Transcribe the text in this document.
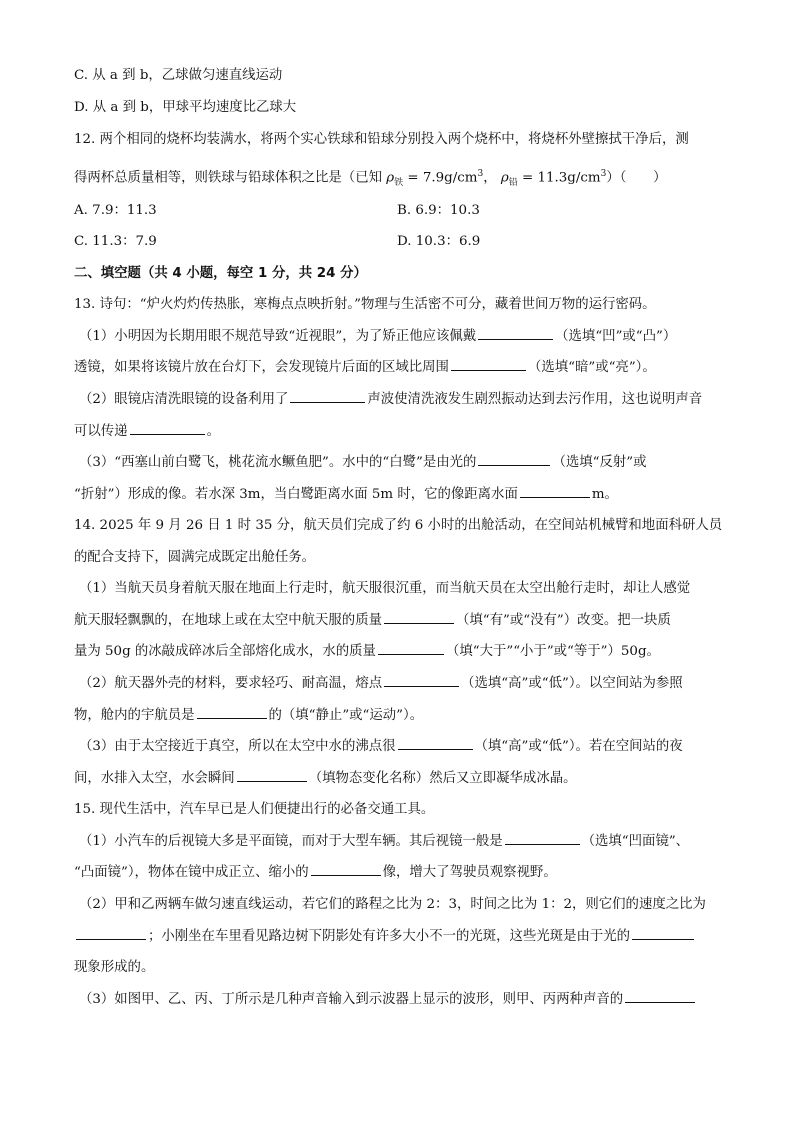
C. 从 a 到 b，乙球做匀速直线运动
D. 从 a 到 b，甲球平均速度比乙球大
12. 两个相同的烧杯均装满水，将两个实心铁球和铅球分别投入两个烧杯中，将烧杯外壁擦拭干净后，测
得两杯总质量相等，则铁球与铅球体积之比是（已知 $\rho_铁 = 7.9g/cm^3$， $\rho_铅 = 11.3g/cm^3$）（　　）
A. 7.9：11.3	B. 6.9：10.3
C. 11.3：7.9	D. 10.3：6.9
二、填空题（共 4 小题，每空 1 分，共 24 分）
13. 诗句：“炉火灼灼传热胀，寒梅点点映折射。”物理与生活密不可分，藏着世间万物的运行密码。
（1）小明因为长期用眼不规范导致“近视眼”，为了矫正他应该佩戴	（选填“凹”或“凸”）
透镜，如果将该镜片放在台灯下，会发现镜片后面的区域比周围	（选填“暗”或“亮”）。
（2）眼镜店清洗眼镜的设备利用了	声波使清洗液发生剧烈振动达到去污作用，这也说明声音
可以传递	。
（3）“西塞山前白鹭飞，桃花流水鳜鱼肥”。水中的“白鹭”是由光的	（选填“反射”或
“折射”）形成的像。若水深 3m，当白鹭距离水面 5m 时，它的像距离水面	m。
14. 2025 年 9 月 26 日 1 时 35 分，航天员们完成了约 6 小时的出舱活动，在空间站机械臂和地面科研人员
的配合支持下，圆满完成既定出舱任务。
（1）当航天员身着航天服在地面上行走时，航天服很沉重，而当航天员在太空出舱行走时，却让人感觉
航天服轻飘飘的，在地球上或在太空中航天服的质量	（填“有”或“没有”）改变。把一块质
量为 50g 的冰敲成碎冰后全部熔化成水，水的质量	（填“大于”“小于”或“等于”）50g。
（2）航天器外壳的材料，要求轻巧、耐高温，熔点	（选填“高”或“低”）。以空间站为参照
物，舱内的宇航员是	的（填“静止”或“运动”）。
（3）由于太空接近于真空，所以在太空中水的沸点很	（填“高”或“低”）。若在空间站的夜
间，水排入太空，水会瞬间	（填物态变化名称）然后又立即凝华成冰晶。
15. 现代生活中，汽车早已是人们便捷出行的必备交通工具。
（1）小汽车的后视镜大多是平面镜，而对于大型车辆。其后视镜一般是	（选填“凹面镜”、
“凸面镜”），物体在镜中成正立、缩小的	像，增大了驾驶员观察视野。
（2）甲和乙两辆车做匀速直线运动，若它们的路程之比为 2：3，时间之比为 1：2，则它们的速度之比为
；小刚坐在车里看见路边树下阴影处有许多大小不一的光斑，这些光斑是由于光的
现象形成的。
（3）如图甲、乙、丙、丁所示是几种声音输入到示波器上显示的波形，则甲、丙两种声音的
